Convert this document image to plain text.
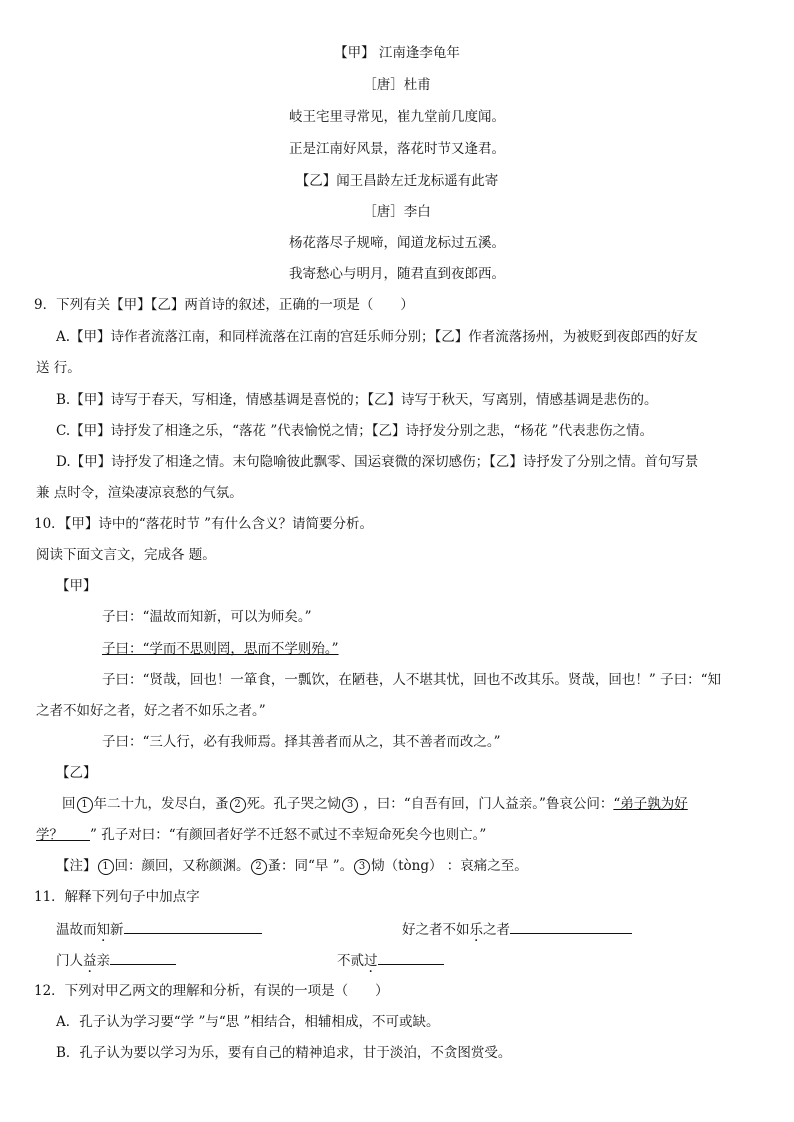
【甲】 江南逢李龟年
［唐］杜甫
岐王宅里寻常见，崔九堂前几度闻。
正是江南好风景，落花时节又逢君。
【乙】闻王昌龄左迁龙标遥有此寄
［唐］李白
杨花落尽子规啼，闻道龙标过五溪。
我寄愁心与明月，随君直到夜郎西。
9．下列有关【甲】【乙】两首诗的叙述，正确的一项是（　　）
A.【甲】诗作者流落江南，和同样流落在江南的宫廷乐师分别；【乙】作者流落扬州，为被贬到夜郎西的好友
送 行。
B.【甲】诗写于春天，写相逢，情感基调是喜悦的；【乙】诗写于秋天，写离别，情感基调是悲伤的。
C.【甲】诗抒发了相逢之乐，“落花 ”代表愉悦之情；【乙】诗抒发分别之悲，“杨花 ”代表悲伤之情。
D.【甲】诗抒发了相逢之情。末句隐喻彼此飘零、国运衰微的深切感伤；【乙】诗抒发了分别之情。首句写景
兼 点时令，渲染凄凉哀愁的气氛。
10．【甲】诗中的“落花时节 ”有什么含义？请简要分析。
阅读下面文言文，完成各 题。
【甲】
子曰：“温故而知新，可以为师矣。”
子曰：“学而不思则罔，思而不学则殆。”
子曰：“贤哉，回也！一箪食，一瓢饮，在陋巷，人不堪其忧，回也不改其乐。贤哉，回也！” 子曰：“知
之者不如好之者，好之者不如乐之者。”
子曰：“三人行，必有我师焉。择其善者而从之，其不善者而改之。”
【乙】
回 1 年二十九，发尽白，蚤 2 死。孔子哭之恸 3 ，曰：“自吾有回，门人益亲。”鲁哀公问：“弟子孰为好
学？   ” 孔子对曰：“有颜回者好学不迁怒不贰过不幸短命死矣今也则亡。”
【注】 1 回：颜回，又称颜渊。 2 蚤：同“早 ”。 3 恸（tòng） ：哀痛之至。
11．解释下列句子中加点字
温故而知新	好之者不如乐之者
门人益亲	不贰过
12．下列对甲乙两文的理解和分析，有误的一项是（　　）
A．孔子认为学习要“学 ”与“思 ”相结合，相辅相成，不可或缺。
B．孔子认为要以学习为乐，要有自己的精神追求，甘于淡泊，不贪图赏受。
